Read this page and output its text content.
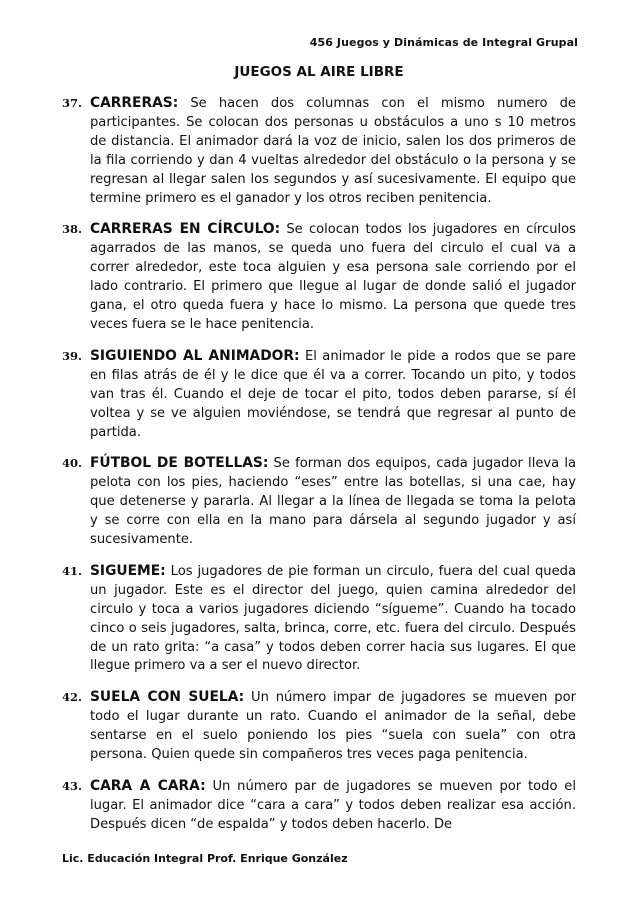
456 Juegos y Dinámicas de Integral Grupal
JUEGOS AL AIRE LIBRE
37. CARRERAS: Se hacen dos columnas con el mismo numero de participantes. Se colocan dos personas u obstáculos a uno s 10 metros de distancia. El animador dará la voz de inicio, salen los dos primeros de la fila corriendo y dan 4 vueltas alrededor del obstáculo o la persona y se regresan al llegar salen los segundos y así sucesivamente. El equipo que termine primero es el ganador y los otros reciben penitencia.
38. CARRERAS EN CÍRCULO: Se colocan todos los jugadores en círculos agarrados de las manos, se queda uno fuera del circulo el cual va a correr alrededor, este toca alguien y esa persona sale corriendo por el lado contrario. El primero que llegue al lugar de donde salió el jugador gana, el otro queda fuera y hace lo mismo. La persona que quede tres veces fuera se le hace penitencia.
39. SIGUIENDO AL ANIMADOR: El animador le pide a rodos que se pare en filas atrás de él y le dice que él va a correr. Tocando un pito, y todos van tras él. Cuando el deje de tocar el pito, todos deben pararse, sí él voltea y se ve alguien moviéndose, se tendrá que regresar al punto de partida.
40. FÚTBOL DE BOTELLAS: Se forman dos equipos, cada jugador lleva la pelota con los pies, haciendo “eses” entre las botellas, si una cae, hay que detenerse y pararla. Al llegar a la línea de llegada se toma la pelota y se corre con ella en la mano para dársela al segundo jugador y así sucesivamente.
41. SIGUEME: Los jugadores de pie forman un circulo, fuera del cual queda un jugador. Este es el director del juego, quien camina alrededor del circulo y toca a varios jugadores diciendo “sígueme”. Cuando ha tocado cinco o seis jugadores, salta, brinca, corre, etc. fuera del circulo. Después de un rato grita: “a casa” y todos deben correr hacia sus lugares. El que llegue primero va a ser el nuevo director.
42. SUELA CON SUELA: Un número impar de jugadores se mueven por todo el lugar durante un rato. Cuando el animador de la señal, debe sentarse en el suelo poniendo los pies “suela con suela” con otra persona. Quien quede sin compañeros tres veces paga penitencia.
43. CARA A CARA: Un número par de jugadores se mueven por todo el lugar. El animador dice “cara a cara” y todos deben realizar esa acción. Después dicen “de espalda” y todos deben hacerlo. De
Lic. Educación Integral Prof. Enrique González
